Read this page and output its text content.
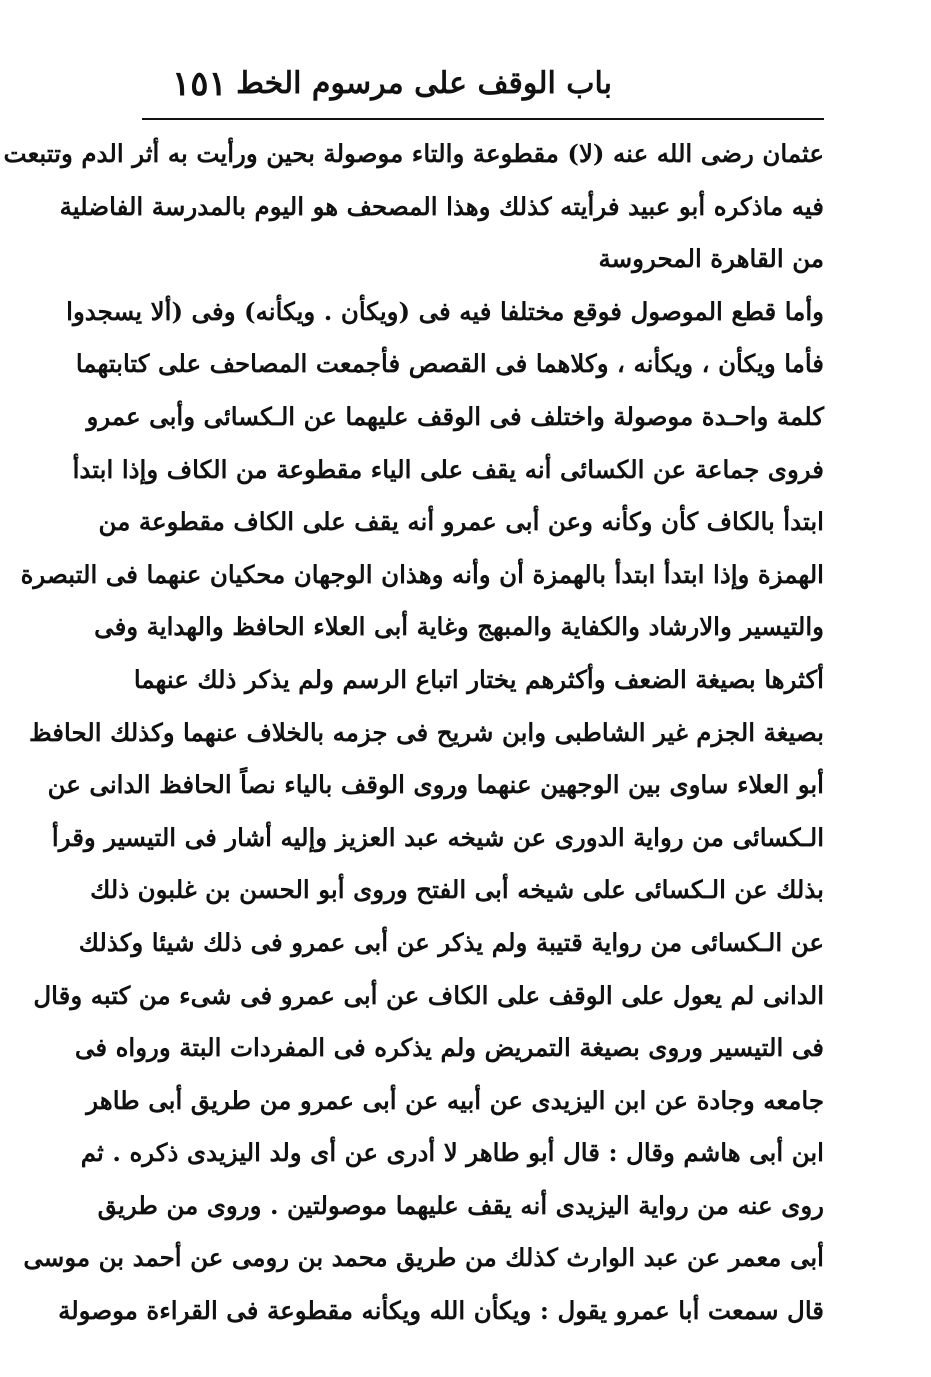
باب الوقف على مرسوم الخط
١٥١
عثمان رضى الله عنه (لا) مقطوعة والتاء موصولة بحين ورأيت به أثر الدم وتتبعت
فيه ماذكره أبو عبيد فرأيته كذلك وهذا المصحف هو اليوم بالمدرسة الفاضلية
من القاهرة المحروسة
وأما قطع الموصول فوقع مختلفا فيه فى (ويكأن . ويكأنه) وفى (ألا يسجدوا
فأما ويكأن ، ويكأنه ، وكلاهما فى القصص فأجمعت المصاحف على كتابتهما
كلمة واحـدة موصولة واختلف فى الوقف عليهما عن الـكسائى وأبى عمرو
فروى جماعة عن الكسائى أنه يقف على الياء مقطوعة من الكاف وإذا ابتدأ
ابتدأ بالكاف كأن وكأنه وعن أبى عمرو أنه يقف على الكاف مقطوعة من
الهمزة وإذا ابتدأ ابتدأ بالهمزة أن وأنه وهذان الوجهان محكيان عنهما فى التبصرة
والتيسير والارشاد والكفاية والمبهج وغاية أبى العلاء الحافظ والهداية وفى
أكثرها بصيغة الضعف وأكثرهم يختار اتباع الرسم ولم يذكر ذلك عنهما
بصيغة الجزم غير الشاطبى وابن شريح فى جزمه بالخلاف عنهما وكذلك الحافظ
أبو العلاء ساوى بين الوجهين عنهما وروى الوقف بالياء نصاً الحافظ الدانى عن
الـكسائى من رواية الدورى عن شيخه عبد العزيز وإليه أشار فى التيسير وقرأ
بذلك عن الـكسائى على شيخه أبى الفتح وروى أبو الحسن بن غلبون ذلك
عن الـكسائى من رواية قتيبة ولم يذكر عن أبى عمرو فى ذلك شيئا وكذلك
الدانى لم يعول على الوقف على الكاف عن أبى عمرو فى شىء من كتبه وقال
فى التيسير وروى بصيغة التمريض ولم يذكره فى المفردات البتة ورواه فى
جامعه وجادة عن ابن اليزيدى عن أبيه عن أبى عمرو من طريق أبى طاهر
ابن أبى هاشم وقال : قال أبو طاهر لا أدرى عن أى ولد اليزيدى ذكره . ثم
روى عنه من رواية اليزيدى أنه يقف عليهما موصولتين . وروى من طريق
أبى معمر عن عبد الوارث كذلك من طريق محمد بن رومى عن أحمد بن موسى
قال سمعت أبا عمرو يقول : ويكأن الله ويكأنه مقطوعة فى القراءة موصولة
